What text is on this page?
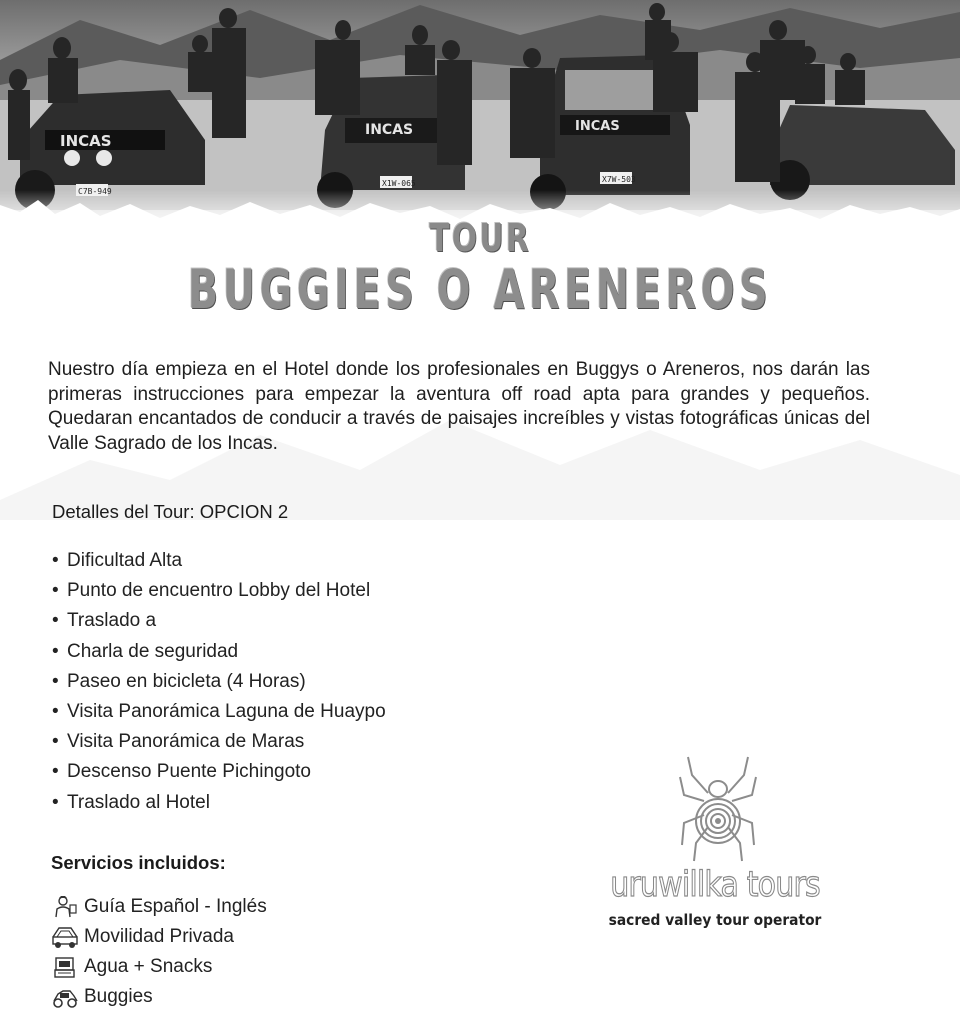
INCAS
INCAS
X1W-065
INCAS
X7W-503
TOUR
BUGGIES O ARENEROS

Nuestro día empieza en el Hotel donde los profesionales en Buggys o Areneros, nos darán las primeras instrucciones para empezar la aventura off road apta para grandes y pequeños. Quedaran encantados de conducir a través de paisajes increíbles y vistas fotográficas únicas del Valle Sagrado de los Incas.

Detalles del Tour: OPCION 2
• Dificultad Alta
• Punto de encuentro Lobby del Hotel
• Traslado a
• Charla de seguridad
• Paseo en bicicleta (4 Horas)
• Visita Panorámica Laguna de Huaypo
• Visita Panorámica de Maras
• Descenso Puente Pichingoto
• Traslado al Hotel
Servicios incluidos:
Guía Español - Inglés
Movilidad Privada
Agua + Snacks
Buggies
uruwillka tours
sacred valley tour operator
